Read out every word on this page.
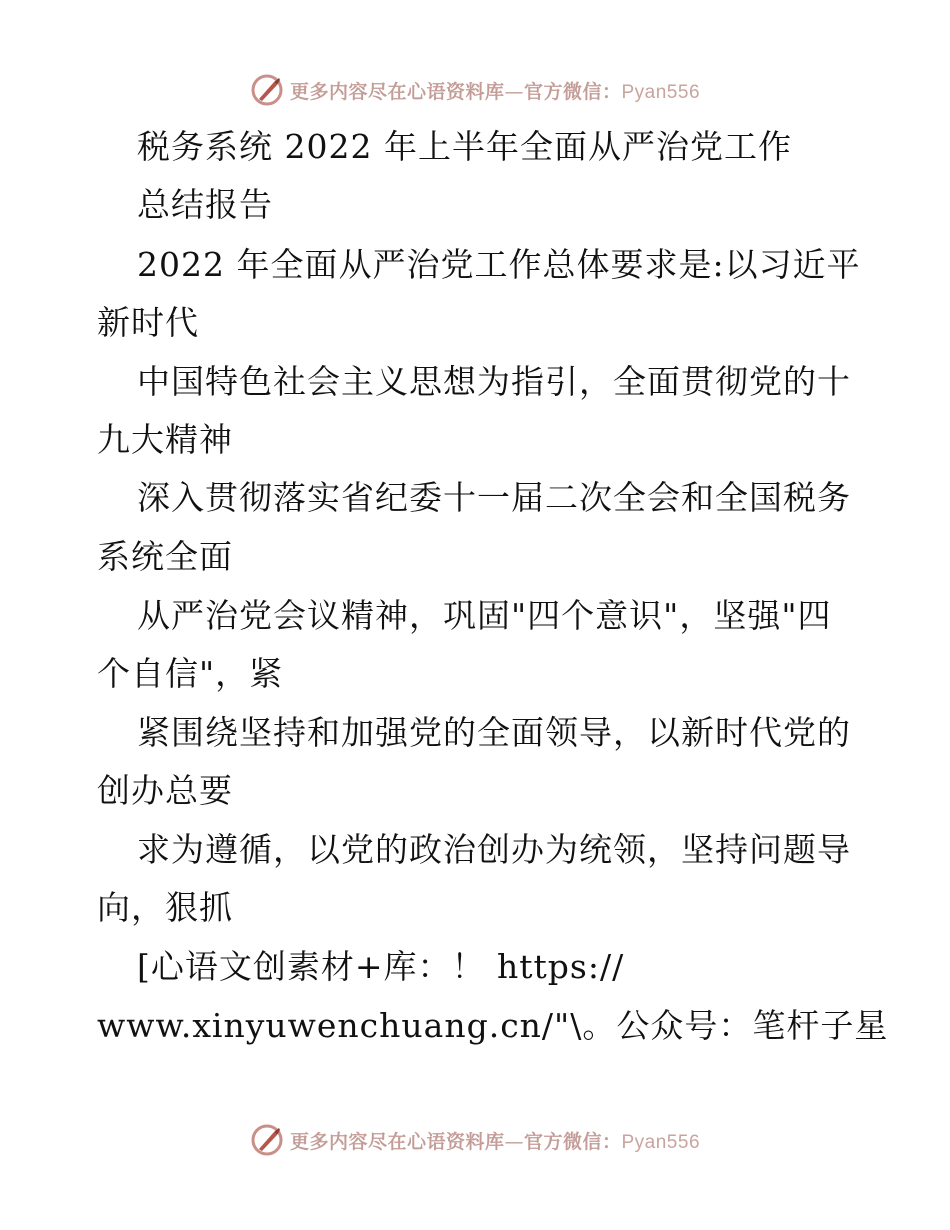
更多内容尽在心语资料库—官方微信：Pyan556
税务系统 2022 年上半年全面从严治党工作
总结报告
2022 年全面从严治党工作总体要求是:以习近平
新时代
中国特色社会主义思想为指引，全面贯彻党的十
九大精神
深入贯彻落实省纪委十一届二次全会和全国税务
系统全面
从严治党会议精神，巩固"四个意识"，坚强"四
个自信"，紧
紧围绕坚持和加强党的全面领导，以新时代党的
创办总要
求为遵循，以党的政治创办为统领，坚持问题导
向，狠抓
[心语文创素材+库：！ https://
www.xinyuwenchuang.cn/"\。公众号：笔杆子星
更多内容尽在心语资料库—官方微信：Pyan556
